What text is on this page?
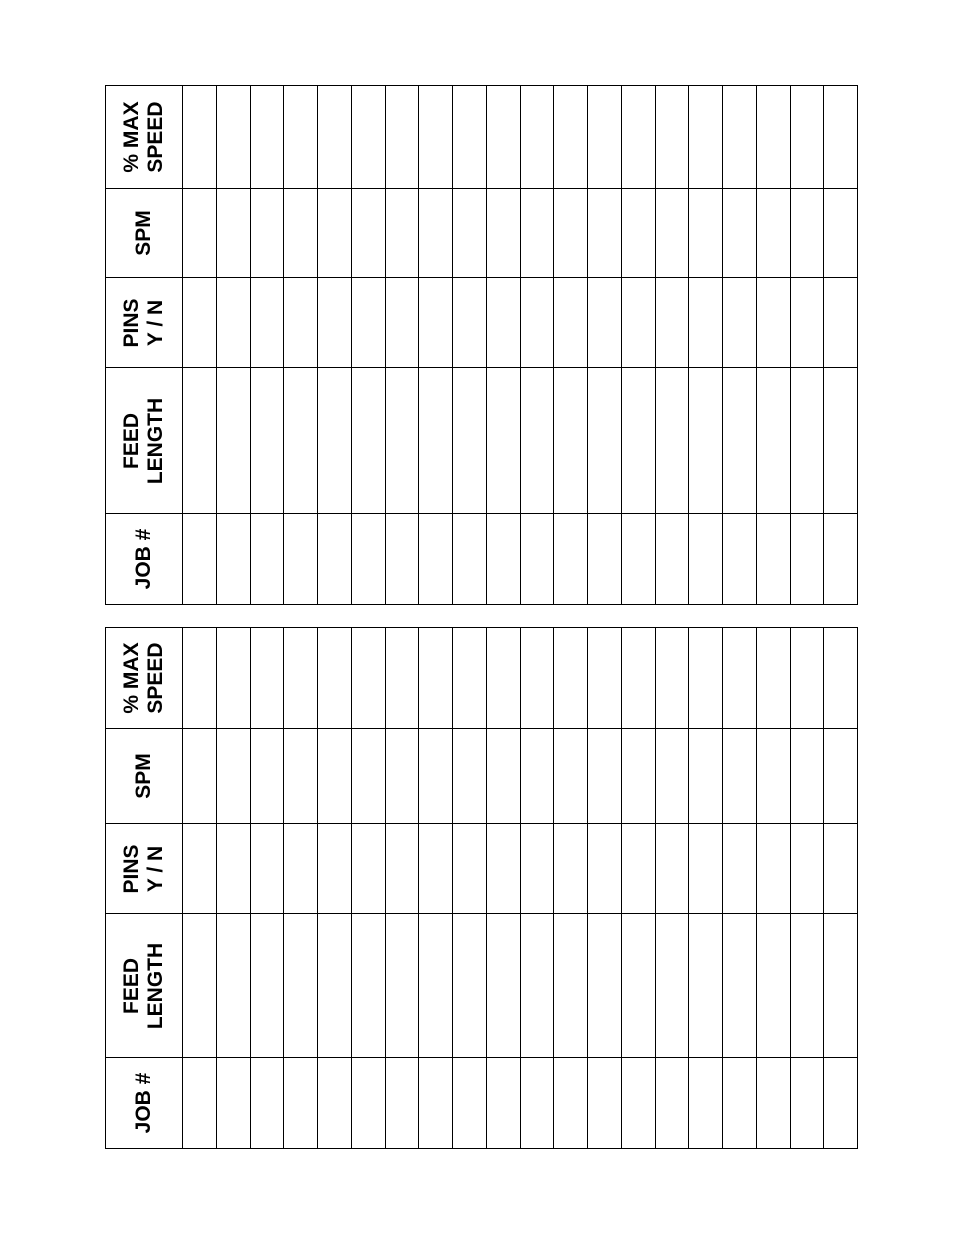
% MAX
SPEED
SPM
PINS
Y / N
FEED
LENGTH
JOB #
% MAX
SPEED
SPM
PINS
Y / N
FEED
LENGTH
JOB #
